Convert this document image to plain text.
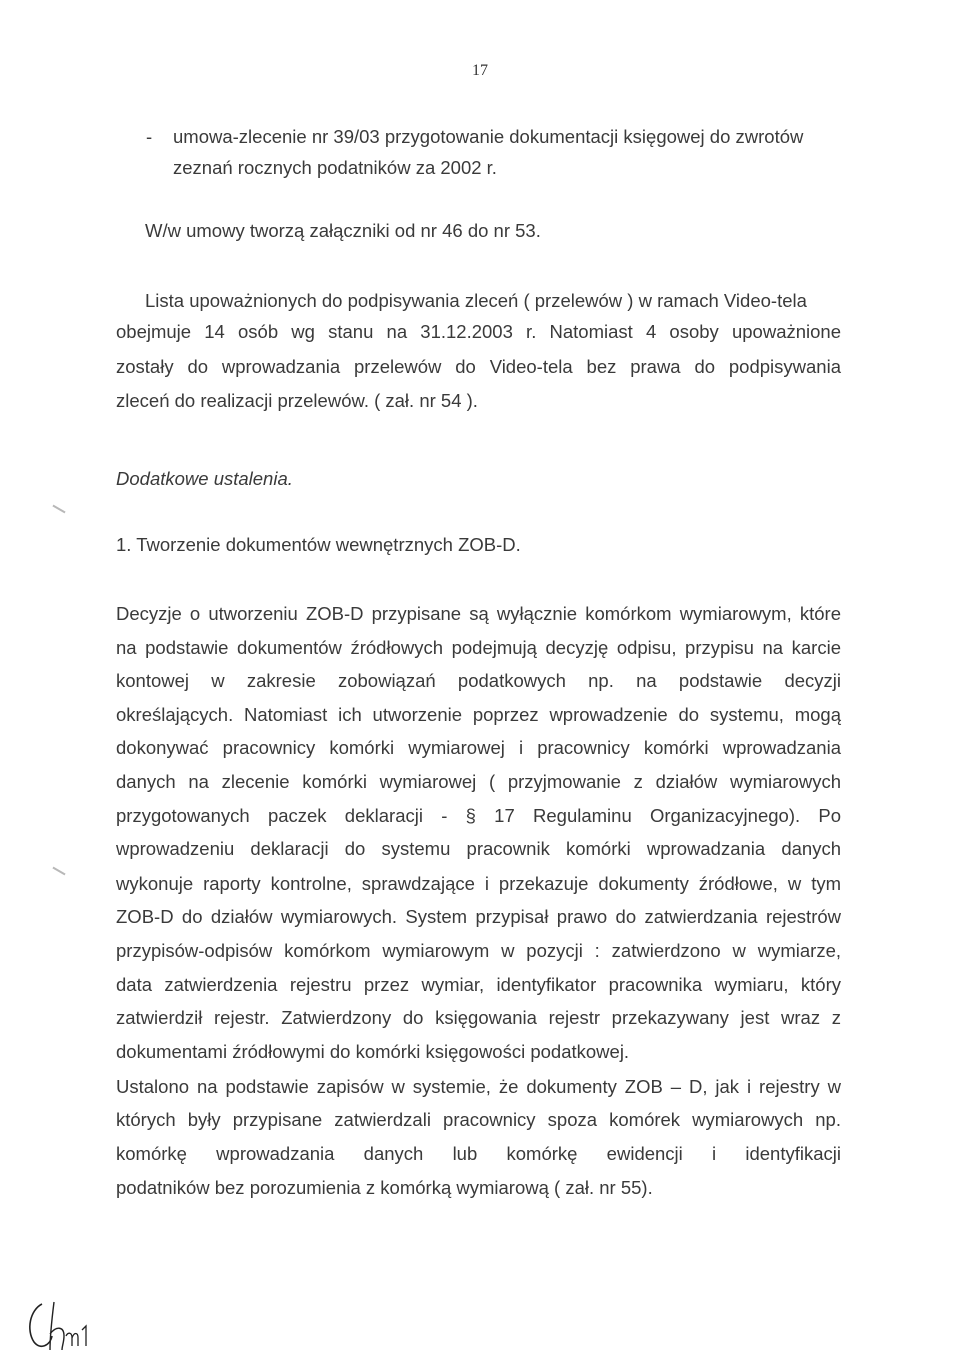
17
- umowa-zlecenie nr 39/03 przygotowanie dokumentacji księgowej do zwrotów
zeznań rocznych podatników za 2002 r.
W/w umowy tworzą załączniki od nr 46 do nr 53.
Lista upoważnionych do podpisywania zleceń ( przelewów ) w ramach Video-tela
obejmuje 14 osób wg stanu na 31.12.2003 r. Natomiast 4 osoby upoważnione
zostały do wprowadzania przelewów do Video-tela bez prawa do podpisywania
zleceń do realizacji przelewów. ( zał. nr 54 ).
Dodatkowe ustalenia.
1. Tworzenie dokumentów wewnętrznych ZOB-D.
Decyzje o utworzeniu ZOB-D przypisane są wyłącznie komórkom wymiarowym, które
na podstawie dokumentów źródłowych podejmują decyzję odpisu, przypisu na karcie
kontowej w zakresie zobowiązań podatkowych np. na podstawie decyzji
określających. Natomiast ich utworzenie poprzez wprowadzenie do systemu, mogą
dokonywać pracownicy komórki wymiarowej i pracownicy komórki wprowadzania
danych na zlecenie komórki wymiarowej ( przyjmowanie z działów wymiarowych
przygotowanych paczek deklaracji - § 17 Regulaminu Organizacyjnego). Po
wprowadzeniu deklaracji do systemu pracownik komórki wprowadzania danych
wykonuje raporty kontrolne, sprawdzające i przekazuje dokumenty źródłowe, w tym
ZOB-D do działów wymiarowych. System przypisał prawo do zatwierdzania rejestrów
przypisów-odpisów komórkom wymiarowym w pozycji : zatwierdzono w wymiarze,
data zatwierdzenia rejestru przez wymiar, identyfikator pracownika wymiaru, który
zatwierdził rejestr. Zatwierdzony do księgowania rejestr przekazywany jest wraz z
dokumentami źródłowymi do komórki księgowości podatkowej.
Ustalono na podstawie zapisów w systemie, że dokumenty ZOB – D, jak i rejestry w
których były przypisane zatwierdzali pracownicy spoza komórek wymiarowych np.
komórkę wprowadzania danych lub komórkę ewidencji i identyfikacji
podatników bez porozumienia z komórką wymiarową ( zał. nr 55).
